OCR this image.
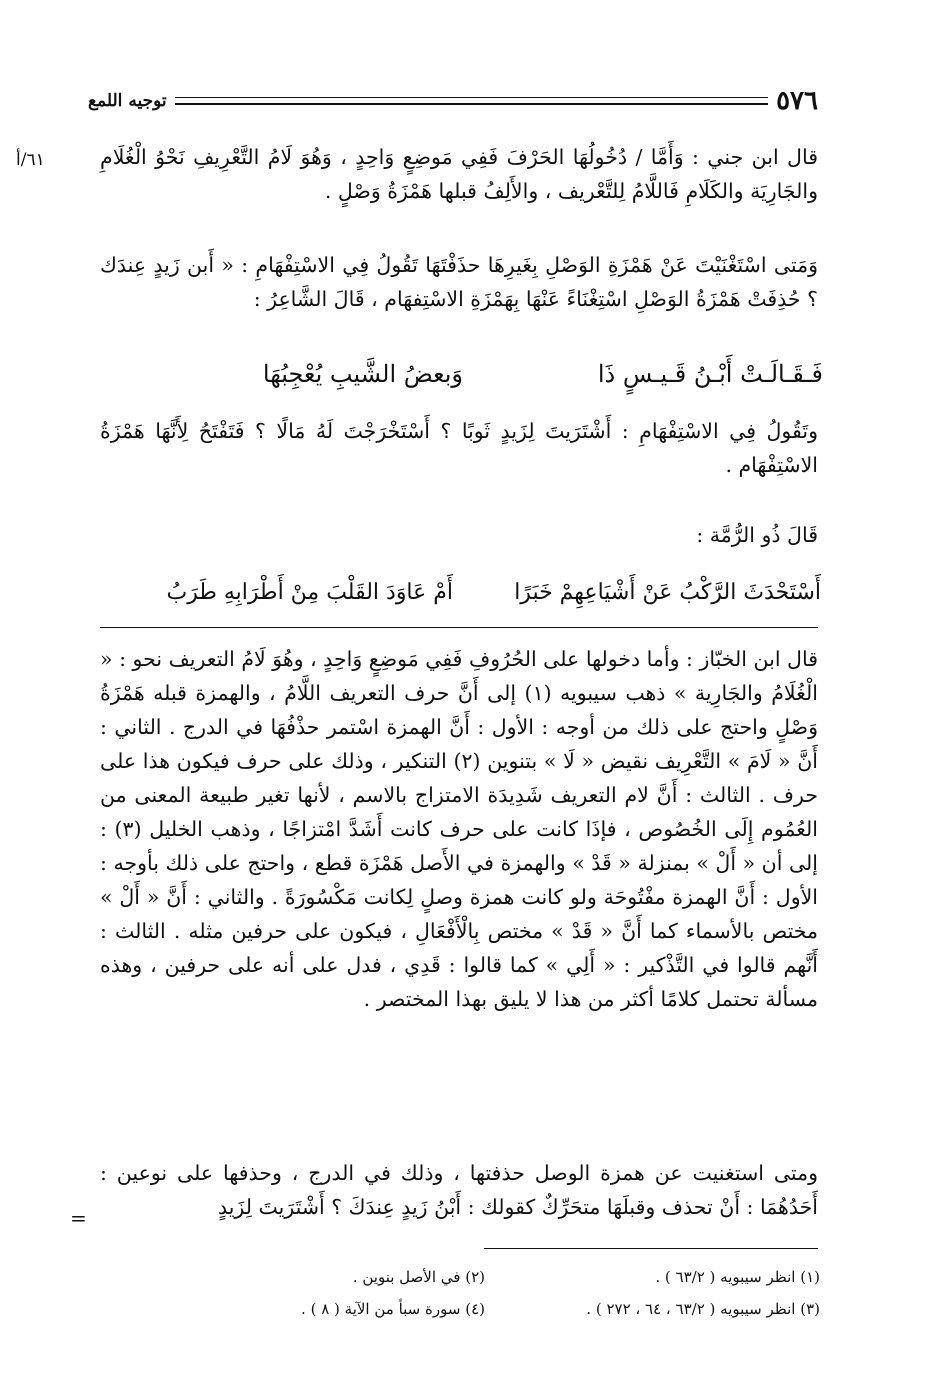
٥٧٦
توجيه اللمع
٦١/أ	قال ابن جني : وَأَمَّا / دُخُولُهَا الحَرْفَ فَفِي مَوضِعٍ وَاحِدٍ ، وَهُوَ لَامُ التَّعْرِيفِ نَحْوُ الْغُلَامِ والجَارِيَة والكَلَامِ فَاللَّامُ لِلتَّعْريف ، والأَلِفُ قبلها هَمْزَةُ وَصْلٍ .

وَمَتى اسْتَغْنَيْتَ عَنْ هَمْزَةِ الوَصْلِ بِغَيرِهَا حذَفْتَهَا تَقُولُ فِي الاسْتِفْهَامِ : « أَبن زَيدٍ عِندَك ؟ حُذِفَتْ هَمْزَةُ الوَصْلِ اسْتِغْنَاءً عَنْهَا بِهَمْزَةِ الاسْتِفهَام ، قَالَ الشَّاعِرُ :

فَـقَـالَـتْ أَبْـنُ قَـيـسٍ ذَا
وَبعضُ الشَّيبِ يُعْجِبُهَا

وتَقُولُ فِي الاسْتِفْهَامِ : أَشْتَرَيتَ لِزَيدٍ ثَوبًا ؟ أَسْتَخْرَجْتَ لَهُ مَالًا ؟ فَتَفْتَحُ لِأَنَّهَا هَمْزَةُ الاسْتِفْهَام .

قَالَ ذُو الرُّمَّة :

أَسْتَحْدَثَ الرَّكْبُ عَنْ أَشْيَاعِهِمْ خَبَرًا
أَمْ عَاوَدَ القَلْبَ مِنْ أَطْرَابِهِ طَرَبُ

قال ابن الخبّاز : وأما دخولها على الحُرُوفِ فَفِي مَوضِعٍ وَاحِدٍ ، وهُوَ لَامُ التعريف نحو : « الْغُلَامُ والجَارِية » ذهب سيبويه (١) إلى أَنَّ حرف التعريف اللَّامُ ، والهمزة قبله هَمْزَةُ وَصْلٍ واحتج على ذلك من أوجه : الأول : أَنَّ الهمزة اسْتمر حذْفُهَا في الدرج . الثاني : أَنَّ « لَامَ » التَّعْرِيف نقيض « لَا » بتنوين (٢) التنكير ، وذلك على حرف فيكون هذا على حرف . الثالث : أَنَّ لام التعريف شَدِيدَة الامتزاج بالاسم ، لأنها تغير طبيعة المعنى من العُمُوم إِلَى الخُصُوص ، فإذَا كانت على حرف كانت أَشَدَّ امْتزاجًا ، وذهب الخليل (٣) : إلى أن « أَلْ » بمنزلة « قَدْ » والهمزة في الأَصل هَمْزَة قطع ، واحتج على ذلك بأوجه : الأول : أَنَّ الهمزة مفْتُوحَة ولو كانت همزة وصلٍ لِكانت مَكْسُورَةً . والثاني : أَنَّ « أَلْ » مختص بالأسماء كما أَنَّ « قَدْ » مختص بِالْأَفْعَالِ ، فيكون على حرفين مثله . الثالث : أَنَّهم قالوا في التَّذْكير : « أَلِي » كما قالوا : قَدِي ، فدل على أنه على حرفين ، وهذه مسألة تحتمل كلامًا أكثر من هذا لا يليق بهذا المختصر .

ومتى استغنيت عن همزة الوصل حذفتها ، وذلك في الدرج ، وحذفها على نوعين : أَحَدُهُمَا : أَنْ تحذف وقبلَهَا متحَرِّكٌ كقولك : أَبْنُ زَيدٍ عِندَكَ ؟ أَشْتَرَيتَ لِزَيدٍ

=
(١) انظر سيبويه ( ٦٣/٢ ) .
(٢) في الأصل بنوين .
(٣) انظر سيبويه ( ٦٣/٢ ، ٦٤ ، ٢٧٢ ) .
(٤) سورة سبأ من الآية ( ٨ ) .
